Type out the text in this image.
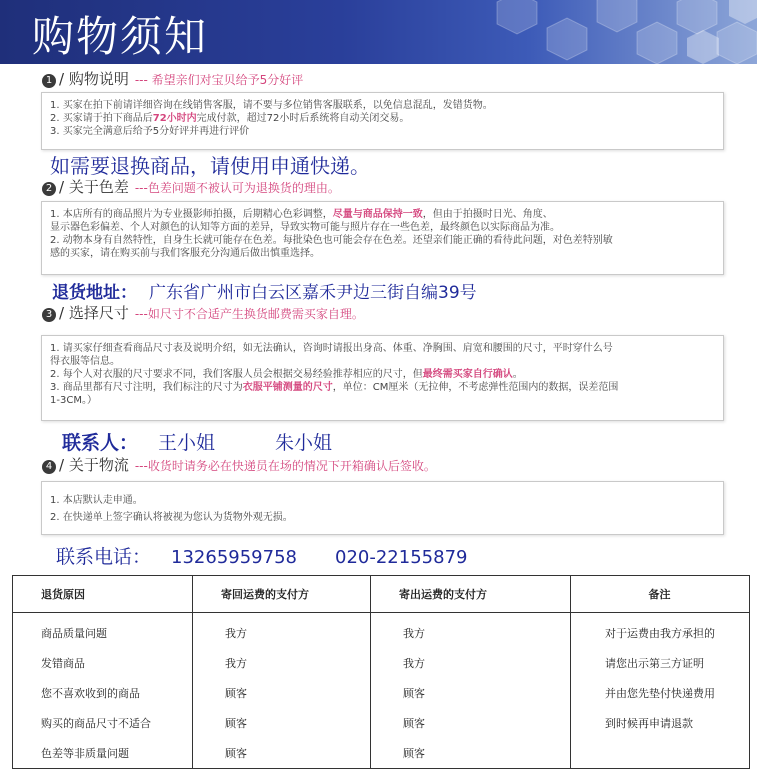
购物须知
1 / 购物说明 --- 希望亲们对宝贝给予5分好评

1. 买家在拍下前请详细咨询在线销售客服，请不要与多位销售客服联系，以免信息混乱，发错货物。

2. 买家请于拍下商品后72小时内完成付款，超过72小时后系统将自动关闭交易。

3. 买家完全满意后给予5分好评并再进行评价

如需要退换商品，请使用申通快递。
2 / 关于色差 ---色差问题不被认可为退换货的理由。

1. 本店所有的商品照片为专业摄影师拍摄，后期精心色彩调整，尽量与商品保持一致，但由于拍摄时日光、角度、

显示器色彩偏差、个人对颜色的认知等方面的差异，导致实物可能与照片存在一些色差，最终颜色以实际商品为准。

2. 动物本身有自然特性，自身生长就可能存在色差。每批染色也可能会存在色差。还望亲们能正确的看待此问题，对色差特别敏

感的买家，请在购买前与我们客服充分沟通后做出慎重选择。

退货地址： 广东省广州市白云区嘉禾尹边三街自编39号
3 / 选择尺寸 ---如尺寸不合适产生换货邮费需买家自理。

1. 请买家仔细查看商品尺寸表及说明介绍，如无法确认，咨询时请报出身高、体重、净胸围、肩宽和腰围的尺寸，平时穿什么号

得衣服等信息。

2. 每个人对衣服的尺寸要求不同，我们客服人员会根据交易经验推荐相应的尺寸，但最终需买家自行确认。

3. 商品里都有尺寸注明，我们标注的尺寸为衣服平铺测量的尺寸，单位：CM厘米（无拉伸，不考虑弹性范围内的数据，误差范围

1-3CM。）

联系人： 王小姐	朱小姐
4 / 关于物流 ---收货时请务必在快递员在场的情况下开箱确认后签收。

1. 本店默认走申通。

2. 在快递单上签字确认将被视为您认为货物外观无损。

联系电话： 13265959758 020-22155879
退货原因	寄回运费的支付方	寄出运费的支付方	备注
商品质量问题	我方	我方	对于运费由我方承担的
发错商品	我方	我方	请您出示第三方证明
您不喜欢收到的商品	顾客	顾客	并由您先垫付快递费用
购买的商品尺寸不适合	顾客	顾客	到时候再申请退款
色差等非质量问题	顾客	顾客	
